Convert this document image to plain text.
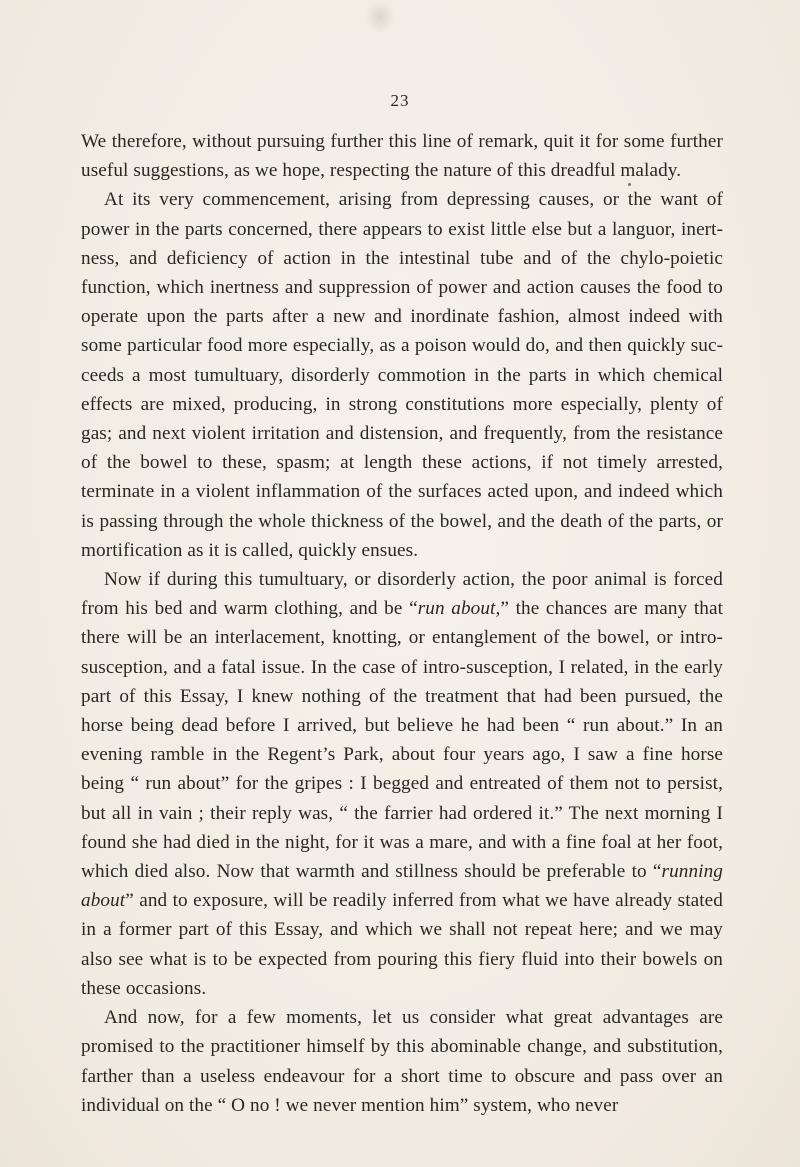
23

We therefore, without pursuing further this line of remark, quit it for some further useful suggestions, as we hope, respecting the nature of this dreadful malady.

At its very commencement, arising from depressing causes, or the want of power in the parts concerned, there appears to exist little else but a languor, inertness, and deficiency of action in the intestinal tube and of the chylo-poietic function, which inertness and suppression of power and action causes the food to operate upon the parts after a new and inordinate fashion, almost indeed with some particular food more especially, as a poison would do, and then quickly succeeds a most tumultuary, disorderly commotion in the parts in which chemical effects are mixed, producing, in strong constitutions more especially, plenty of gas; and next violent irritation and distension, and frequently, from the resistance of the bowel to these, spasm; at length these actions, if not timely arrested, terminate in a violent inflammation of the surfaces acted upon, and indeed which is passing through the whole thickness of the bowel, and the death of the parts, or mortification as it is called, quickly ensues.

Now if during this tumultuary, or disorderly action, the poor animal is forced from his bed and warm clothing, and be “run about,” the chances are many that there will be an interlacement, knotting, or entanglement of the bowel, or intro-susception, and a fatal issue. In the case of intro-susception, I related, in the early part of this Essay, I knew nothing of the treatment that had been pursued, the horse being dead before I arrived, but believe he had been “ run about.” In an evening ramble in the Regent’s Park, about four years ago, I saw a fine horse being “ run about” for the gripes : I begged and entreated of them not to persist, but all in vain ; their reply was, “ the farrier had ordered it.” The next morning I found she had died in the night, for it was a mare, and with a fine foal at her foot, which died also. Now that warmth and stillness should be preferable to “running about” and to exposure, will be readily inferred from what we have already stated in a former part of this Essay, and which we shall not repeat here; and we may also see what is to be expected from pouring this fiery fluid into their bowels on these occasions.

And now, for a few moments, let us consider what great advantages are promised to the practitioner himself by this abominable change, and substitution, farther than a useless endeavour for a short time to obscure and pass over an individual on the “ O no ! we never mention him” system, who never
